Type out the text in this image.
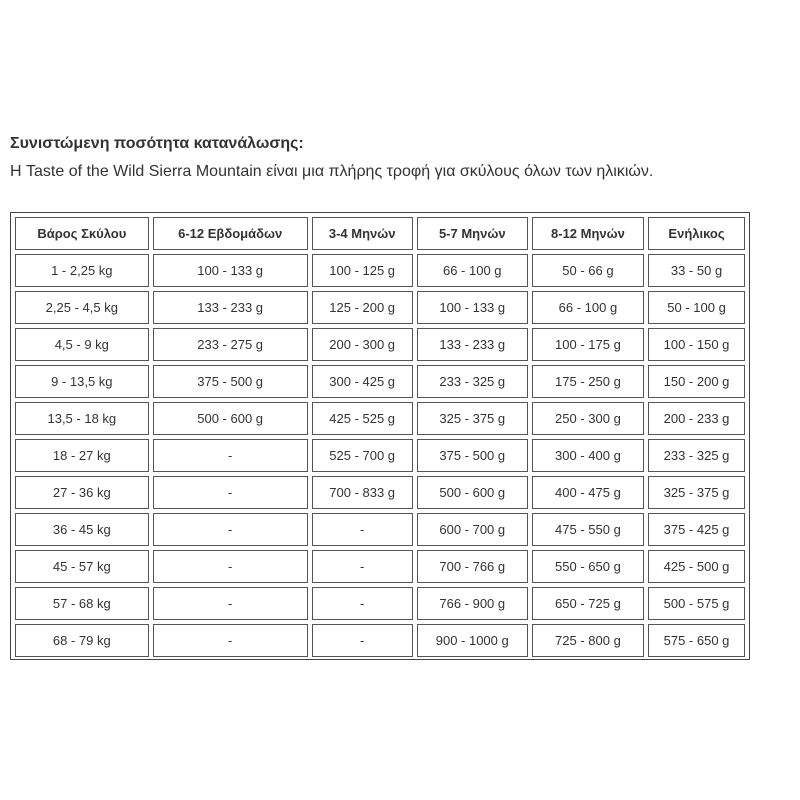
Συνιστώμενη ποσότητα κατανάλωσης:
Η Taste of the Wild Sierra Mountain είναι μια πλήρης τροφή για σκύλους όλων των ηλικιών.
Βάρος Σκύλου	6-12 Εβδομάδων	3-4 Μηνών	5-7 Μηνών	8-12 Μηνών	Ενήλικος
1 - 2,25 kg	100 - 133 g	100 - 125 g	66 - 100 g	50 - 66 g	33 - 50 g
2,25 - 4,5 kg	133 - 233 g	125 - 200 g	100 - 133 g	66 - 100 g	50 - 100 g
4,5 - 9 kg	233 - 275 g	200 - 300 g	133 - 233 g	100 - 175 g	100 - 150 g
9 - 13,5 kg	375 - 500 g	300 - 425 g	233 - 325 g	175 - 250 g	150 - 200 g
13,5 - 18 kg	500 - 600 g	425 - 525 g	325 - 375 g	250 - 300 g	200 - 233 g
18 - 27 kg	-	525 - 700 g	375 - 500 g	300 - 400 g	233 - 325 g
27 - 36 kg	-	700 - 833 g	500 - 600 g	400 - 475 g	325 - 375 g
36 - 45 kg	-	-	600 - 700 g	475 - 550 g	375 - 425 g
45 - 57 kg	-	-	700 - 766 g	550 - 650 g	425 - 500 g
57 - 68 kg	-	-	766 - 900 g	650 - 725 g	500 - 575 g
68 - 79 kg	-	-	900 - 1000 g	725 - 800 g	575 - 650 g
